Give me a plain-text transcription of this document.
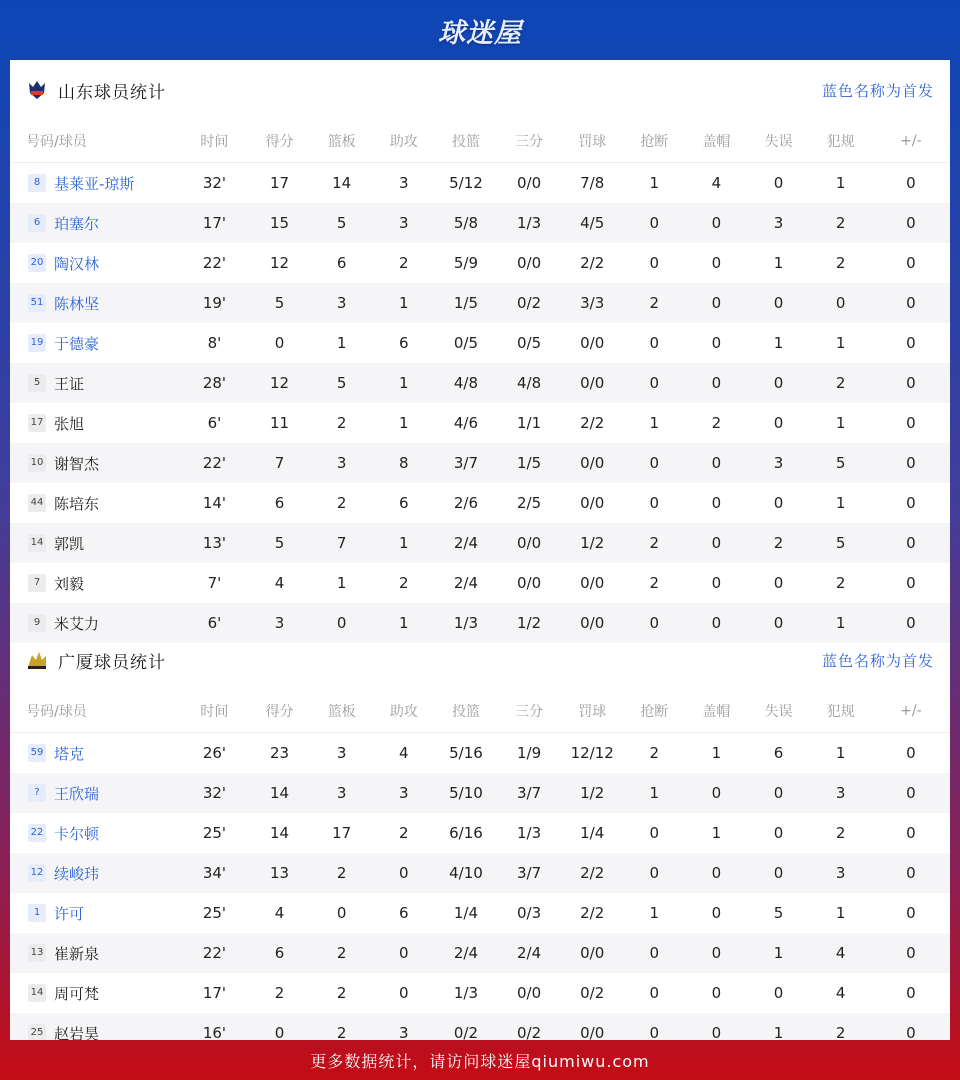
球迷屋
山东球员统计	蓝色名称为首发
号码/球员	时间	得分	篮板	助攻	投篮	三分	罚球	抢断	盖帽	失误	犯规	+/-
8 基莱亚-琼斯	32'	17	14	3	5/12	0/0	7/8	1	4	0	1	0
6 珀塞尔	17'	15	5	3	5/8	1/3	4/5	0	0	3	2	0
20 陶汉林	22'	12	6	2	5/9	0/0	2/2	0	0	1	2	0
51 陈林坚	19'	5	3	1	1/5	0/2	3/3	2	0	0	0	0
19 于德豪	8'	0	1	6	0/5	0/5	0/0	0	0	1	1	0
5 王证	28'	12	5	1	4/8	4/8	0/0	0	0	0	2	0
17 张旭	6'	11	2	1	4/6	1/1	2/2	1	2	0	1	0
10 谢智杰	22'	7	3	8	3/7	1/5	0/0	0	0	3	5	0
44 陈培东	14'	6	2	6	2/6	2/5	0/0	0	0	0	1	0
14 郭凯	13'	5	7	1	2/4	0/0	1/2	2	0	2	5	0
7 刘毅	7'	4	1	2	2/4	0/0	0/0	2	0	0	2	0
9 米艾力	6'	3	0	1	1/3	1/2	0/0	0	0	0	1	0
广厦球员统计	蓝色名称为首发
号码/球员	时间	得分	篮板	助攻	投篮	三分	罚球	抢断	盖帽	失误	犯规	+/-
59 塔克	26'	23	3	4	5/16	1/9	12/12	2	1	6	1	0
? 王欣瑞	32'	14	3	3	5/10	3/7	1/2	1	0	0	3	0
22 卡尔顿	25'	14	17	2	6/16	1/3	1/4	0	1	0	2	0
12 续峻玮	34'	13	2	0	4/10	3/7	2/2	0	0	0	3	0
1 许可	25'	4	0	6	1/4	0/3	2/2	1	0	5	1	0
13 崔新泉	22'	6	2	0	2/4	2/4	0/0	0	0	1	4	0
14 周可梵	17'	2	2	0	1/3	0/0	0/2	0	0	0	4	0
25 赵岩昊	16'	0	2	3	0/2	0/2	0/0	0	0	1	2	0
更多数据统计，请访问球迷屋qiumiwu.com
